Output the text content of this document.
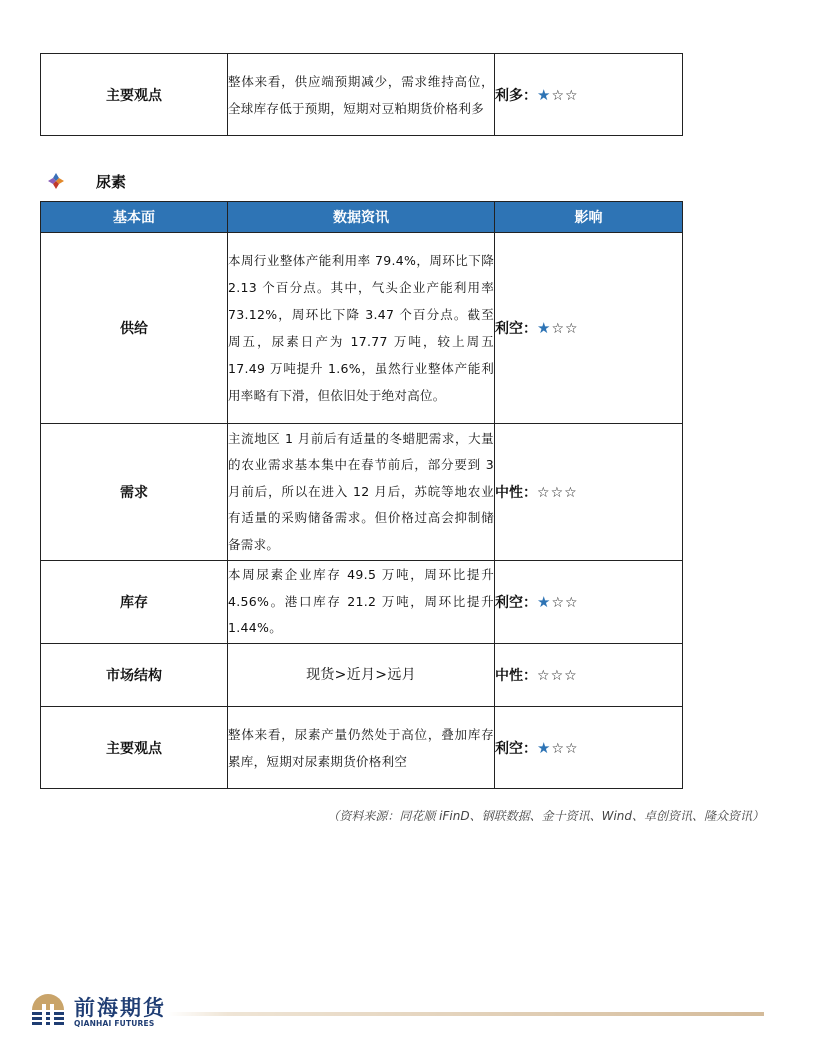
主要观点	整体来看，供应端预期减少，需求维持高位，全球库存低于预期，短期对豆粕期货价格利多	利多：★☆☆
尿素
基本面	数据资讯	影响
供给	本周行业整体产能利用率 79.4%，周环比下降 2.13 个百分点。其中，气头企业产能利用率 73.12%，周环比下降 3.47 个百分点。截至周五，尿素日产为 17.77 万吨，较上周五 17.49 万吨提升 1.6%，虽然行业整体产能利用率略有下滑，但依旧处于绝对高位。	利空：★☆☆
需求	主流地区 1 月前后有适量的冬蜡肥需求，大量的农业需求基本集中在春节前后，部分要到 3 月前后，所以在进入 12 月后，苏皖等地农业有适量的采购储备需求。但价格过高会抑制储备需求。	中性：☆☆☆
库存	本周尿素企业库存 49.5 万吨，周环比提升 4.56%。港口库存 21.2 万吨，周环比提升 1.44%。	利空：★☆☆
市场结构	现货>近月>远月	中性：☆☆☆
主要观点	整体来看，尿素产量仍然处于高位，叠加库存累库，短期对尿素期货价格利空	利空：★☆☆
（资料来源：同花顺 iFinD、钢联数据、金十资讯、Wind、卓创资讯、隆众资讯）
前海期货
QIANHAI FUTURES
